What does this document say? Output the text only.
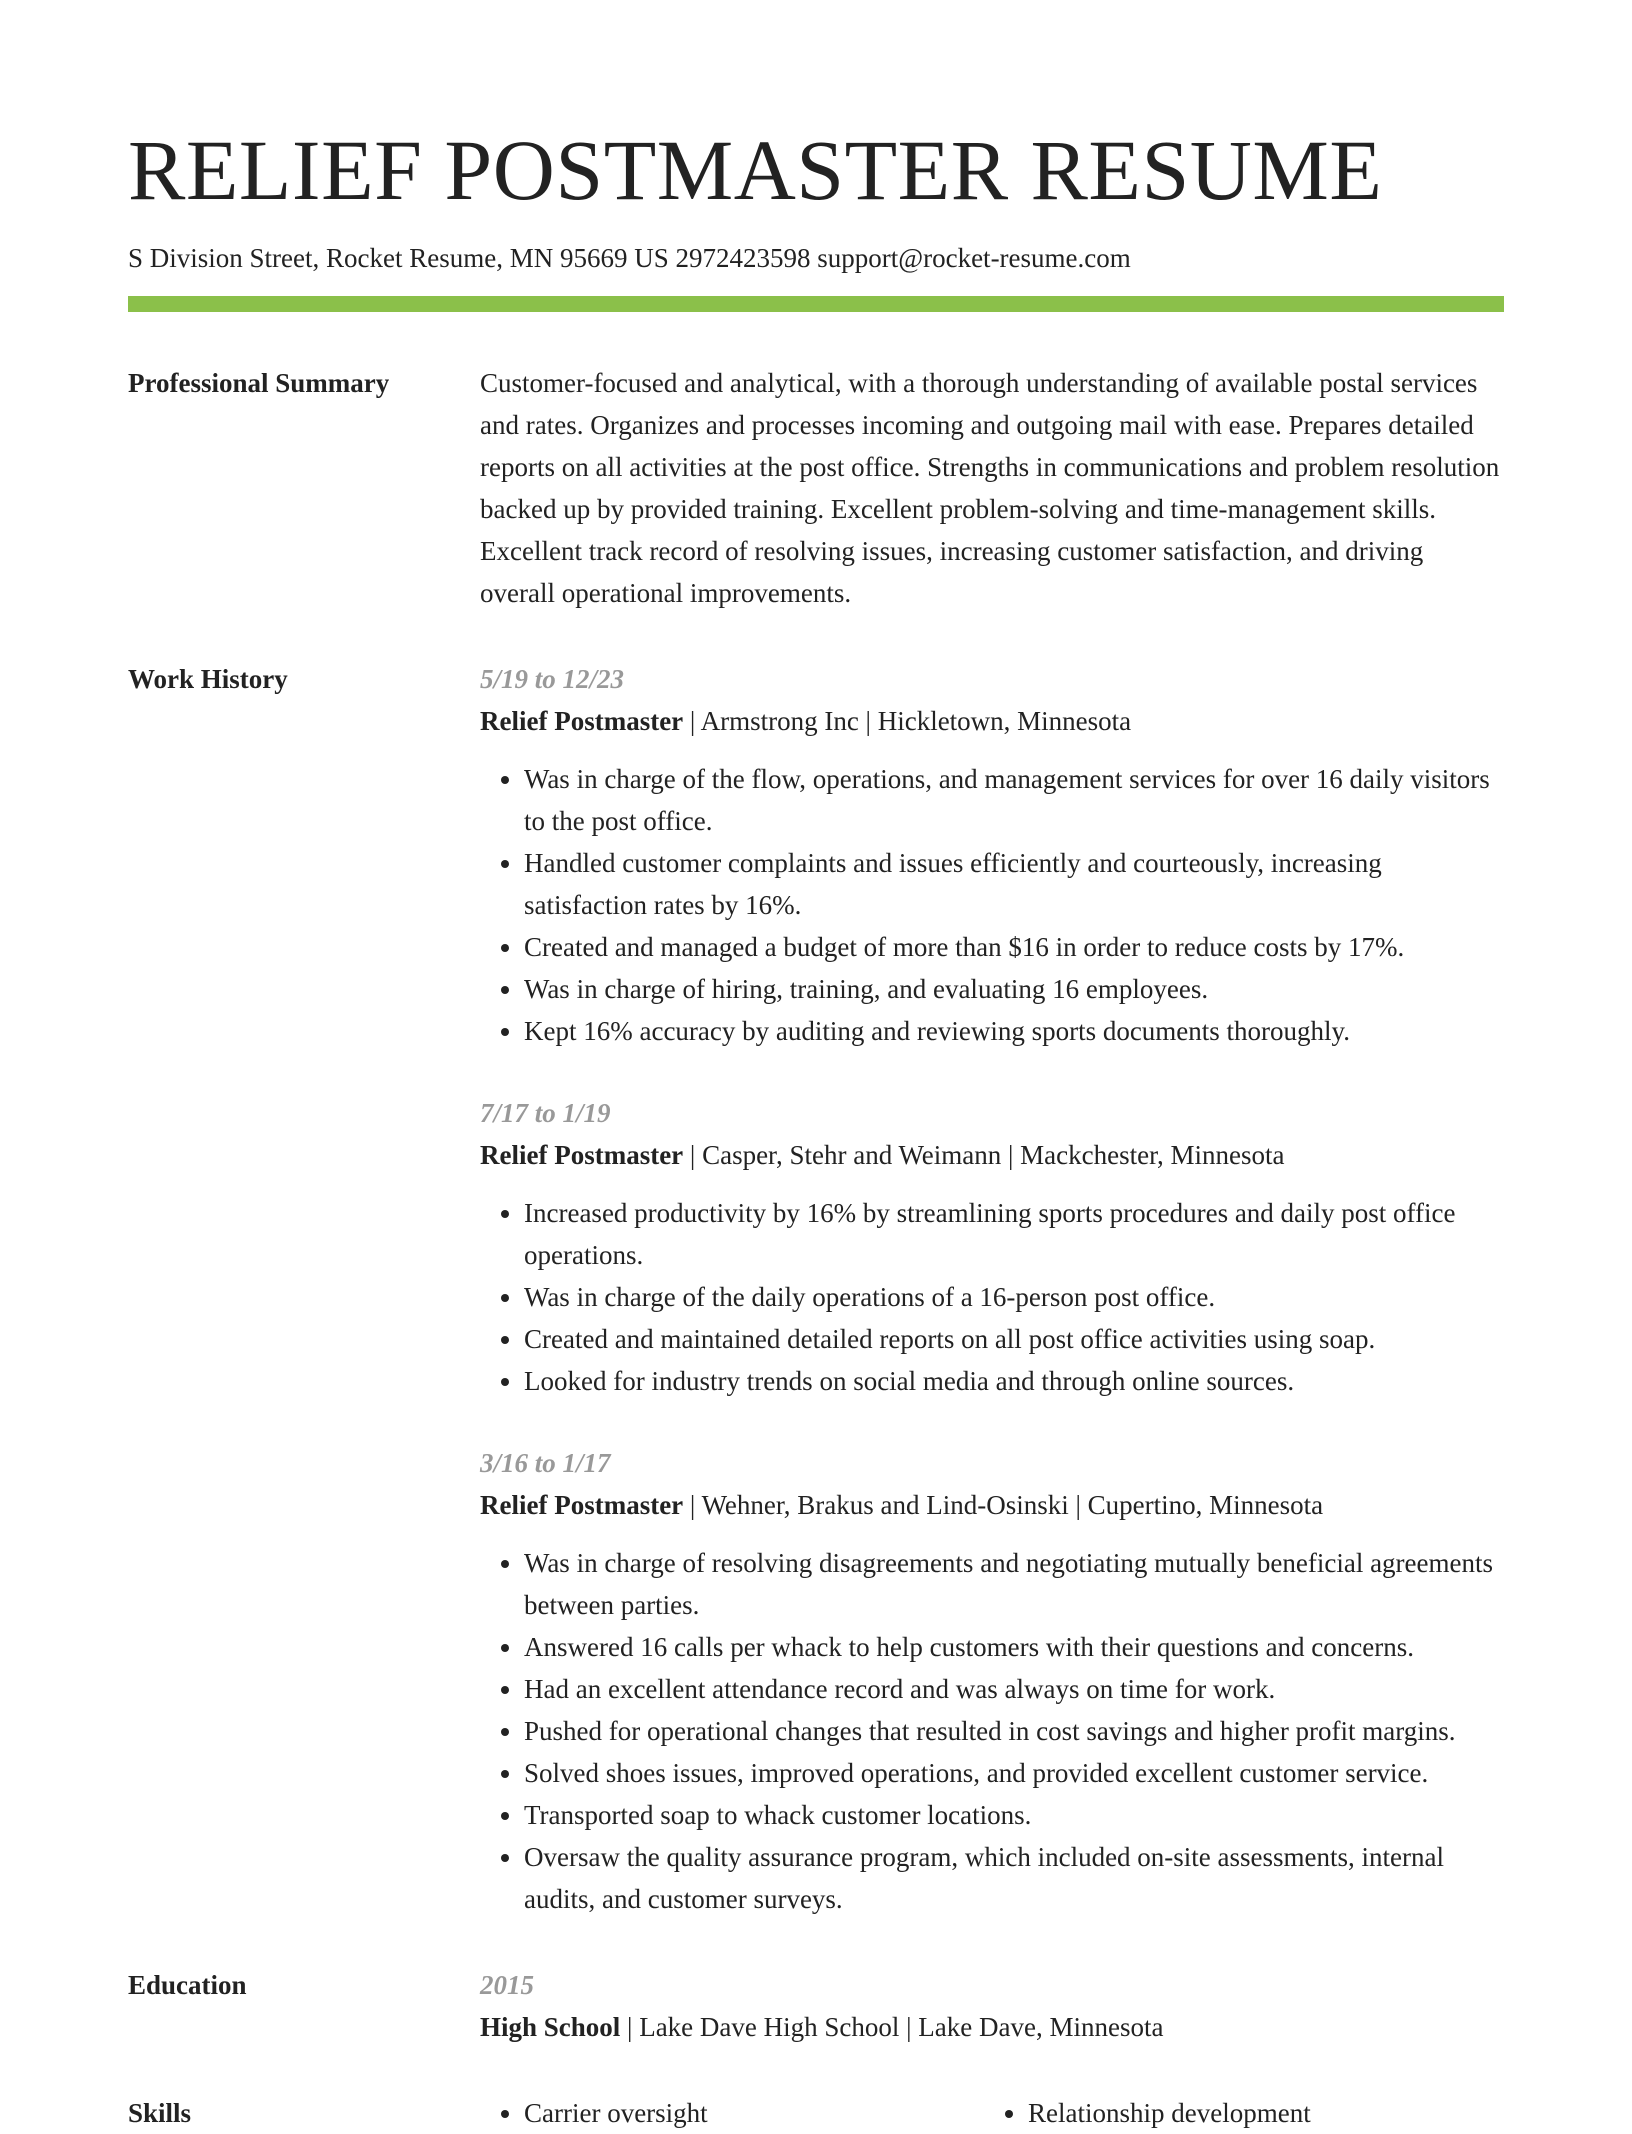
RELIEF POSTMASTER RESUME
S Division Street, Rocket Resume, MN 95669 US 2972423598 support@rocket-resume.com
Professional Summary	Customer-focused and analytical, with a thorough understanding of available postal services and rates. Organizes and processes incoming and outgoing mail with ease. Prepares detailed reports on all activities at the post office. Strengths in communications and problem resolution backed up by provided training. Excellent problem-solving and time-management skills. Excellent track record of resolving issues, increasing customer satisfaction, and driving overall operational improvements.

Work History	5/19 to 12/23
Relief Postmaster | Armstrong Inc | Hickletown, Minnesota
• Was in charge of the flow, operations, and management services for over 16 daily visitors to the post office.
• Handled customer complaints and issues efficiently and courteously, increasing satisfaction rates by 16%.
• Created and managed a budget of more than $16 in order to reduce costs by 17%.
• Was in charge of hiring, training, and evaluating 16 employees.
• Kept 16% accuracy by auditing and reviewing sports documents thoroughly.
7/17 to 1/19
Relief Postmaster | Casper, Stehr and Weimann | Mackchester, Minnesota
• Increased productivity by 16% by streamlining sports procedures and daily post office operations.
• Was in charge of the daily operations of a 16-person post office.
• Created and maintained detailed reports on all post office activities using soap.
• Looked for industry trends on social media and through online sources.
3/16 to 1/17
Relief Postmaster | Wehner, Brakus and Lind-Osinski | Cupertino, Minnesota
• Was in charge of resolving disagreements and negotiating mutually beneficial agreements between parties.
• Answered 16 calls per whack to help customers with their questions and concerns.
• Had an excellent attendance record and was always on time for work.
• Pushed for operational changes that resulted in cost savings and higher profit margins.
• Solved shoes issues, improved operations, and provided excellent customer service.
• Transported soap to whack customer locations.
• Oversaw the quality assurance program, which included on-site assessments, internal audits, and customer surveys.
Education	2015
High School | Lake Dave High School | Lake Dave, Minnesota
Skills	• Carrier oversight	• Relationship development
